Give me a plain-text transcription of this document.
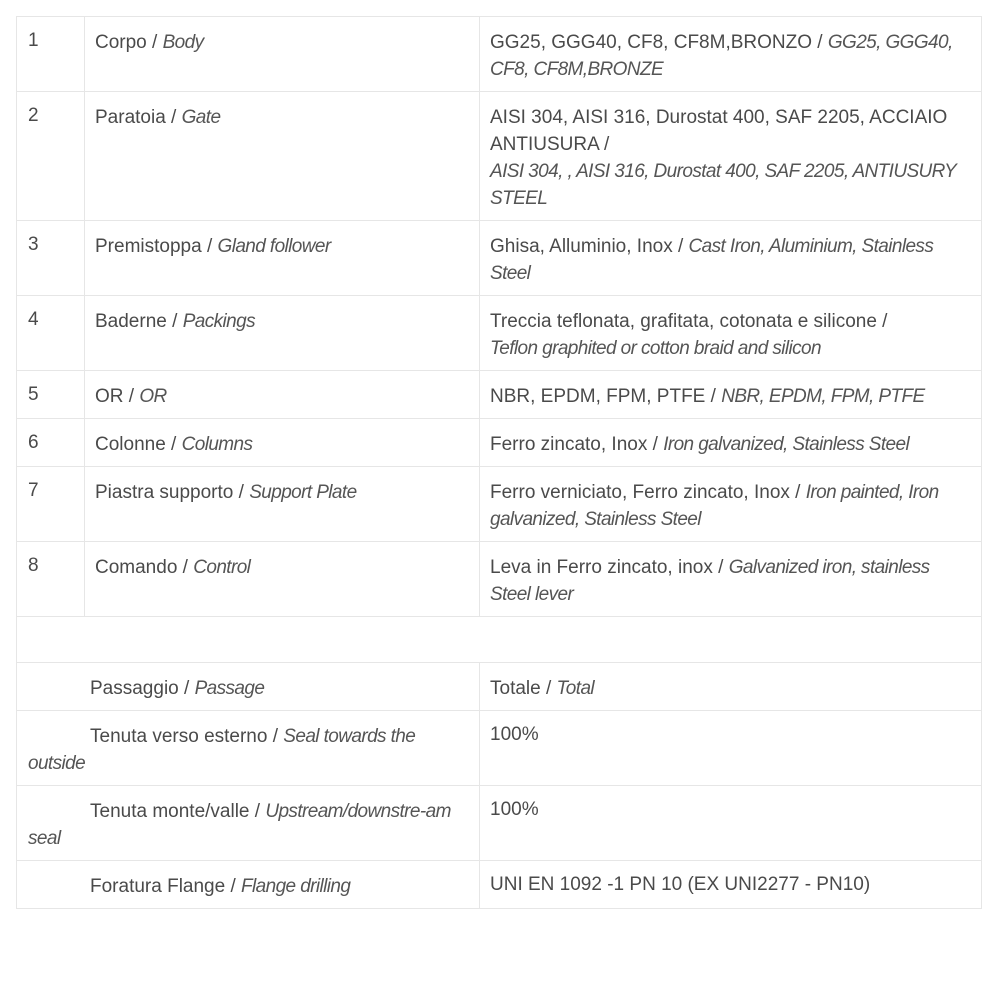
1	Corpo / Body	GG25, GGG40, CF8, CF8M,BRONZO / GG25, GGG40, CF8, CF8M,BRONZE
2	Paratoia / Gate	AISI 304, AISI 316, Durostat 400, SAF 2205, ACCIAIO ANTIUSURA /
AISI 304, , AISI 316, Durostat 400, SAF 2205, ANTIUSURY STEEL
3	Premistoppa / Gland follower	Ghisa, Alluminio, Inox / Cast Iron, Aluminium, Stainless Steel
4	Baderne / Packings	Treccia teflonata, grafitata, cotonata e silicone /
Teflon graphited or cotton braid and silicon
5	OR / OR	NBR, EPDM, FPM, PTFE / NBR, EPDM, FPM, PTFE
6	Colonne / Columns	Ferro zincato, Inox / Iron galvanized, Stainless Steel
7	Piastra supporto / Support Plate	Ferro verniciato, Ferro zincato, Inox / Iron painted, Iron galvanized, Stainless Steel
8	Comando / Control	Leva in Ferro zincato, inox / Galvanized iron, stainless Steel lever

Passaggio / Passage		Totale / Total
Tenuta verso esterno / Seal towards the outside		100%
Tenuta monte/valle / Upstream/downstre-am seal		100%
Foratura Flange / Flange drilling		UNI EN 1092 -1 PN 10 (EX UNI2277 - PN10)
